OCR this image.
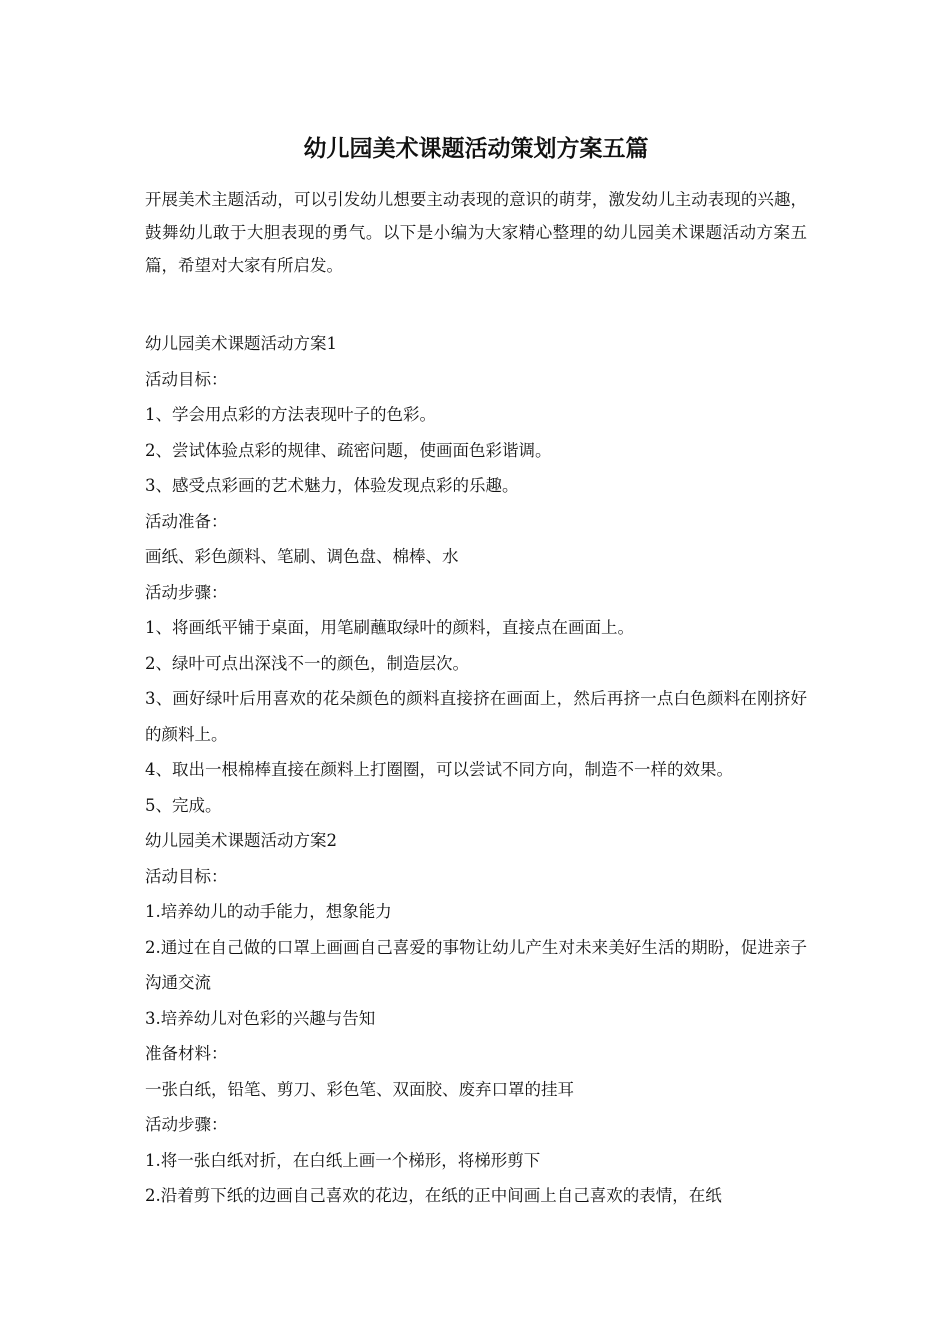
幼儿园美术课题活动策划方案五篇

开展美术主题活动，可以引发幼儿想要主动表现的意识的萌芽，激发幼儿主动表现的兴趣，鼓舞幼儿敢于大胆表现的勇气。以下是小编为大家精心整理的幼儿园美术课题活动方案五篇，希望对大家有所启发。

幼儿园美术课题活动方案1

活动目标：

1、学会用点彩的方法表现叶子的色彩。

2、尝试体验点彩的规律、疏密问题，使画面色彩谐调。

3、感受点彩画的艺术魅力，体验发现点彩的乐趣。

活动准备：

画纸、彩色颜料、笔刷、调色盘、棉棒、水

活动步骤：

1、将画纸平铺于桌面，用笔刷蘸取绿叶的颜料，直接点在画面上。

2、绿叶可点出深浅不一的颜色，制造层次。

3、画好绿叶后用喜欢的花朵颜色的颜料直接挤在画面上，然后再挤一点白色颜料在刚挤好的颜料上。

4、取出一根棉棒直接在颜料上打圈圈，可以尝试不同方向，制造不一样的效果。

5、完成。

幼儿园美术课题活动方案2

活动目标：

1.培养幼儿的动手能力，想象能力

2.通过在自己做的口罩上画画自己喜爱的事物让幼儿产生对未来美好生活的期盼，促进亲子沟通交流

3.培养幼儿对色彩的兴趣与告知

准备材料：

一张白纸，铅笔、剪刀、彩色笔、双面胶、废弃口罩的挂耳

活动步骤：

1.将一张白纸对折，在白纸上画一个梯形，将梯形剪下

2.沿着剪下纸的边画自己喜欢的花边，在纸的正中间画上自己喜欢的表情，在纸
